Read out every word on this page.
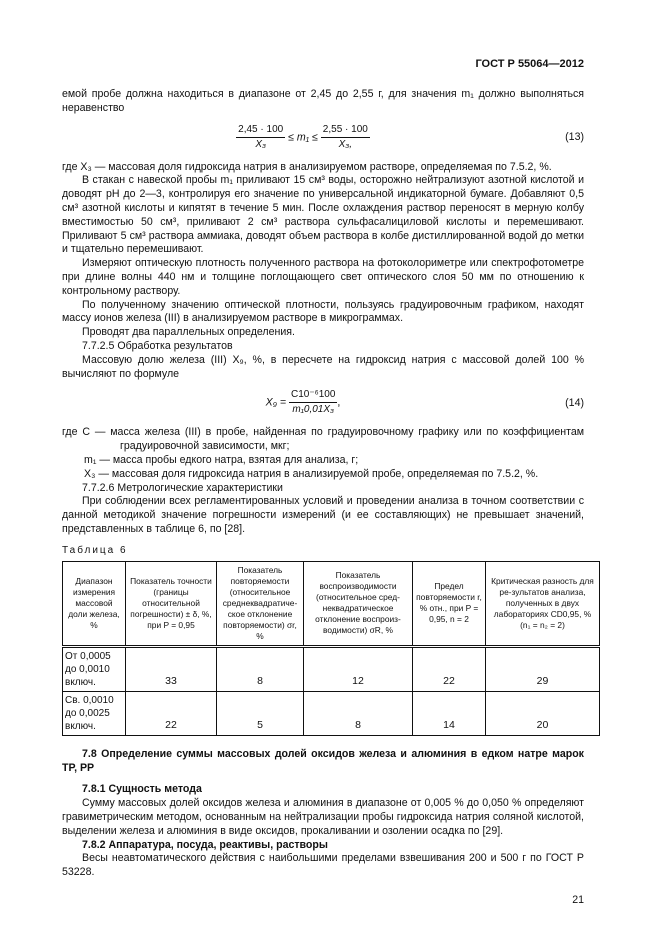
ГОСТ Р 55064—2012
емой пробе должна находиться в диапазоне от 2,45 до 2,55 г, для значения m₁ должно выполняться неравенство
$\frac{2,45 \cdot 100}{\text{X₃}} \le m_1 \le \frac{2,55 \cdot 100}{\text{X₃,}}$	(13)
где X₃ — массовая доля гидроксида натрия в анализируемом растворе, определяемая по 7.5.2, %.
В стакан с навеской пробы m₁ приливают 15 см³ воды, осторожно нейтрализуют азотной кислотой и доводят рН до 2—3, контролируя его значение по универсальной индикаторной бумаге. Добавляют 0,5 см³ азотной кислоты и кипятят в течение 5 мин. После охлаждения раствор переносят в мерную колбу вместимостью 50 см³, приливают 2 см³ раствора сульфасалициловой кислоты и перемешивают. Приливают 5 см³ раствора аммиака, доводят объем раствора в колбе дистиллированной водой до метки и тщательно перемешивают.
Измеряют оптическую плотность полученного раствора на фотоколориметре или спектрофотометре при длине волны 440 нм и толщине поглощающего свет оптического слоя 50 мм по отношению к контрольному раствору.
По полученному значению оптической плотности, пользуясь градуировочным графиком, находят массу ионов железа (III) в анализируемом растворе в микрограммах.
Проводят два параллельных определения.
7.7.2.5 Обработка результатов
Массовую долю железа (III) X₉, %, в пересчете на гидроксид натрия с массовой долей 100 % вычисляют по формуле
$X_9 = \frac{\text{C10⁻⁶100}}{\text{m₁0,01X₃}}$ ,	(14)
где C — масса железа (III) в пробе, найденная по градуировочному графику или по коэффициентам градуировочной зависимости, мкг;
m₁ — масса пробы едкого натра, взятая для анализа, г;
X₃ — массовая доля гидроксида натрия в анализируемой пробе, определяемая по 7.5.2, %.
7.7.2.6 Метрологические характеристики
При соблюдении всех регламентированных условий и проведении анализа в точном соответствии с данной методикой значение погрешности измерений (и ее составляющих) не превышает значений, представленных в таблице 6, по [28].
Таблица 6
Диапазон измерения массовой доли железа, %	Показатель точности (границы относительной погрешности) ± δ, %, при P = 0,95	Показатель повторяемости (относительное среднеквадратиче-ское отклонение повторяемости) σr, %	Показатель воспроизводимости (относительное сред-неквадратическое отклонение воспроиз-водимости) σR, %	Предел повторяемости r, % отн., при P = 0,95, n = 2	Критическая разность для ре-зультатов анализа, полученных в двух лабораториях CD0,95, % (n₁ = n₂ = 2)
От 0,0005 до 0,0010 включ.	33	8	12	22	29
Св. 0,0010 до 0,0025 включ.	22	5	8	14	20
7.8 Определение суммы массовых долей оксидов железа и алюминия в едком натре марок ТР, РР
7.8.1 Сущность метода
Сумму массовых долей оксидов железа и алюминия в диапазоне от 0,005 % до 0,050 % определяют гравиметрическим методом, основанным на нейтрализации пробы гидроксида натрия соляной кислотой, выделении железа и алюминия в виде оксидов, прокаливании и озолении осадка по [29].
7.8.2 Аппаратура, посуда, реактивы, растворы
Весы неавтоматического действия с наибольшими пределами взвешивания 200 и 500 г по ГОСТ Р 53228.
21
